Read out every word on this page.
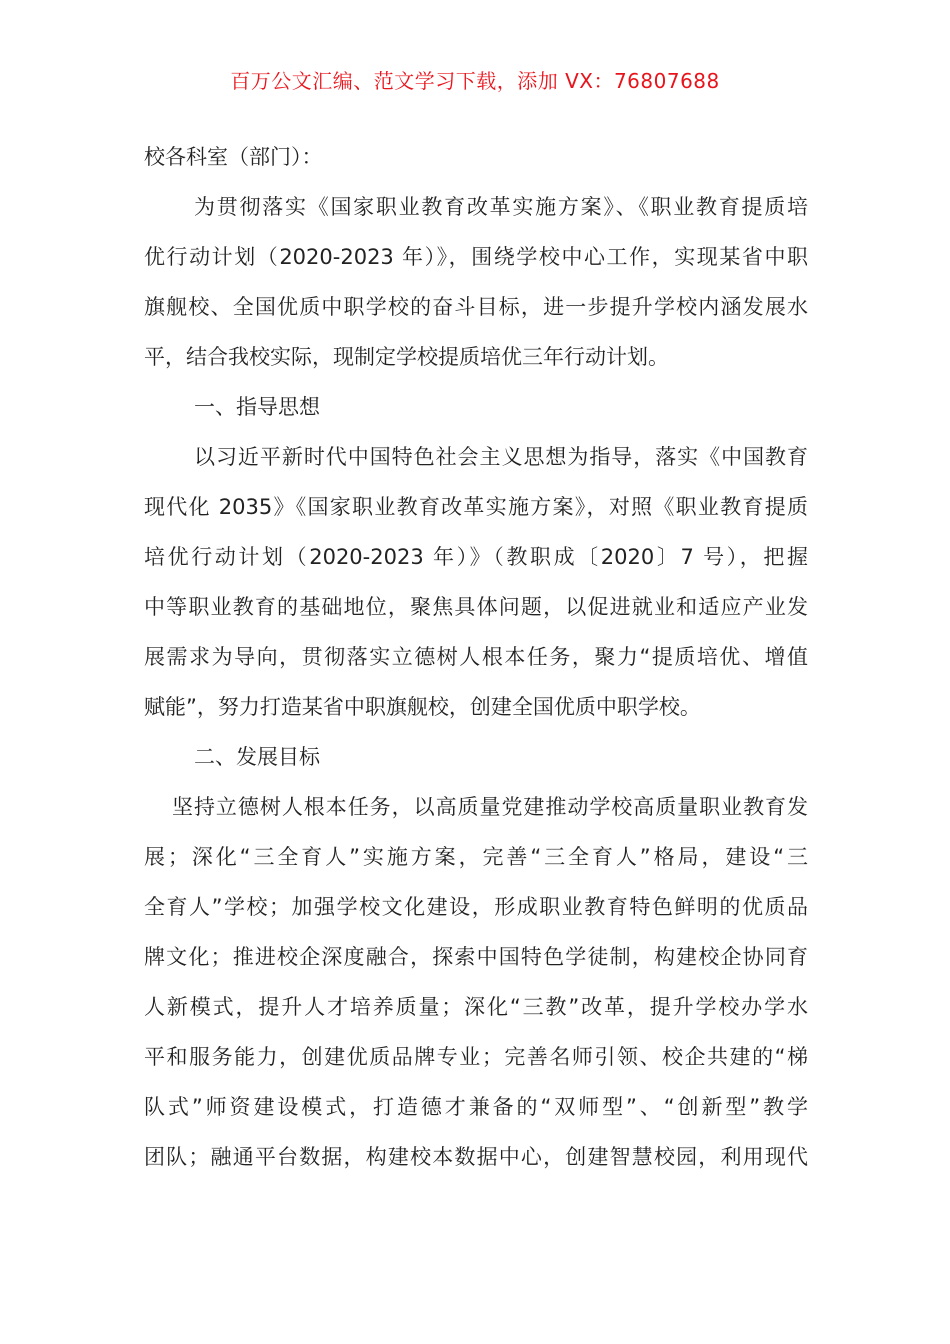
百万公文汇编、范文学习下载，添加 VX：76807688
校各科室（部门）：
为贯彻落实《国家职业教育改革实施方案》、《职业教育提质培
优行动计划（2020-2023 年）》，围绕学校中心工作，实现某省中职
旗舰校、全国优质中职学校的奋斗目标，进一步提升学校内涵发展水
平，结合我校实际，现制定学校提质培优三年行动计划。
一、指导思想
以习近平新时代中国特色社会主义思想为指导，落实《中国教育
现代化 2035》《国家职业教育改革实施方案》，对照《职业教育提质
培优行动计划（2020-2023 年）》（教职成〔2020〕7 号），把握
中等职业教育的基础地位，聚焦具体问题，以促进就业和适应产业发
展需求为导向，贯彻落实立德树人根本任务，聚力“提质培优、增值
赋能”，努力打造某省中职旗舰校，创建全国优质中职学校。
二、发展目标
坚持立德树人根本任务，以高质量党建推动学校高质量职业教育发
展；深化“三全育人”实施方案，完善“三全育人”格局，建设“三
全育人”学校；加强学校文化建设，形成职业教育特色鲜明的优质品
牌文化；推进校企深度融合，探索中国特色学徒制，构建校企协同育
人新模式，提升人才培养质量；深化“三教”改革，提升学校办学水
平和服务能力，创建优质品牌专业；完善名师引领、校企共建的“梯
队式”师资建设模式，打造德才兼备的“双师型”、“创新型”教学
团队；融通平台数据，构建校本数据中心，创建智慧校园，利用现代
